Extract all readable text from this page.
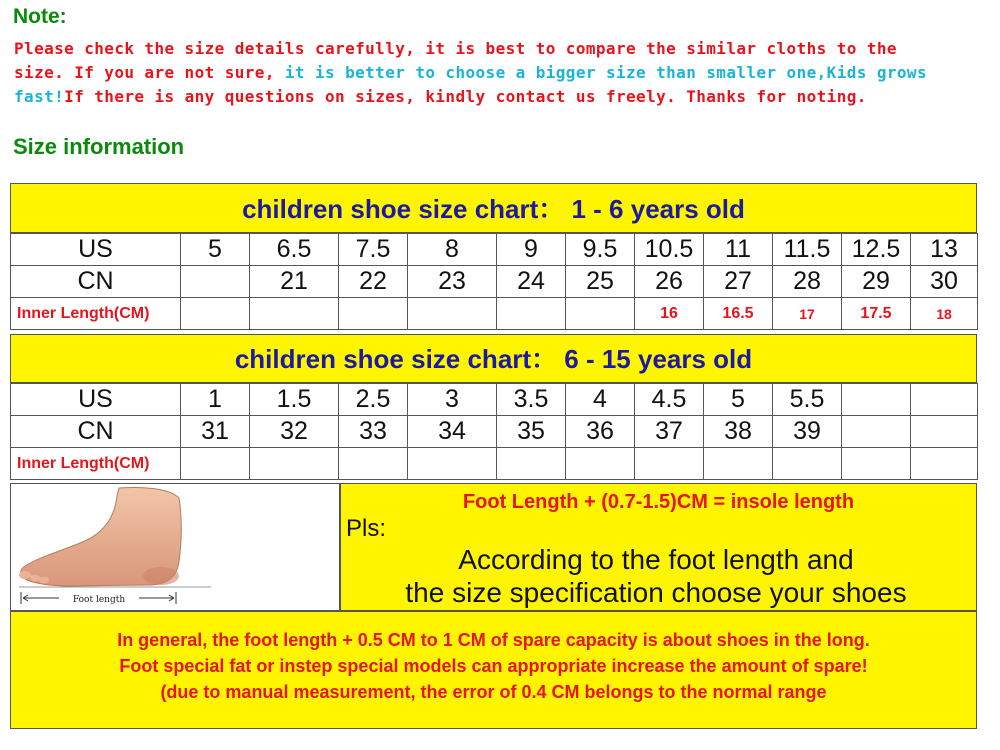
Note:
Please check the size details carefully, it is best to compare the similar cloths to the
size. If you are not sure, it is better to choose a bigger size than smaller one,Kids grows
fast!If there is any questions on sizes, kindly contact us freely. Thanks for noting.
Size information
children shoe size chart： 1 - 6 years old
US	5	6.5	7.5	8	9	9.5	10.5	11	11.5	12.5	13
CN		21	22	23	24	25	26	27	28	29	30
Inner Length(CM)							16	16.5	17	17.5	18
children shoe size chart： 6 - 15 years old
US	1	1.5	2.5	3	3.5	4	4.5	5	5.5		
CN	31	32	33	34	35	36	37	38	39		
Inner Length(CM)											
Foot length
Foot Length + (0.7-1.5)CM = insole length
Pls:
According to the foot length and
the size specification choose your shoes
In general, the foot length + 0.5 CM to 1 CM of spare capacity is about shoes in the long.
Foot special fat or instep special models can appropriate increase the amount of spare!
(due to manual measurement, the error of 0.4 CM belongs to the normal range
